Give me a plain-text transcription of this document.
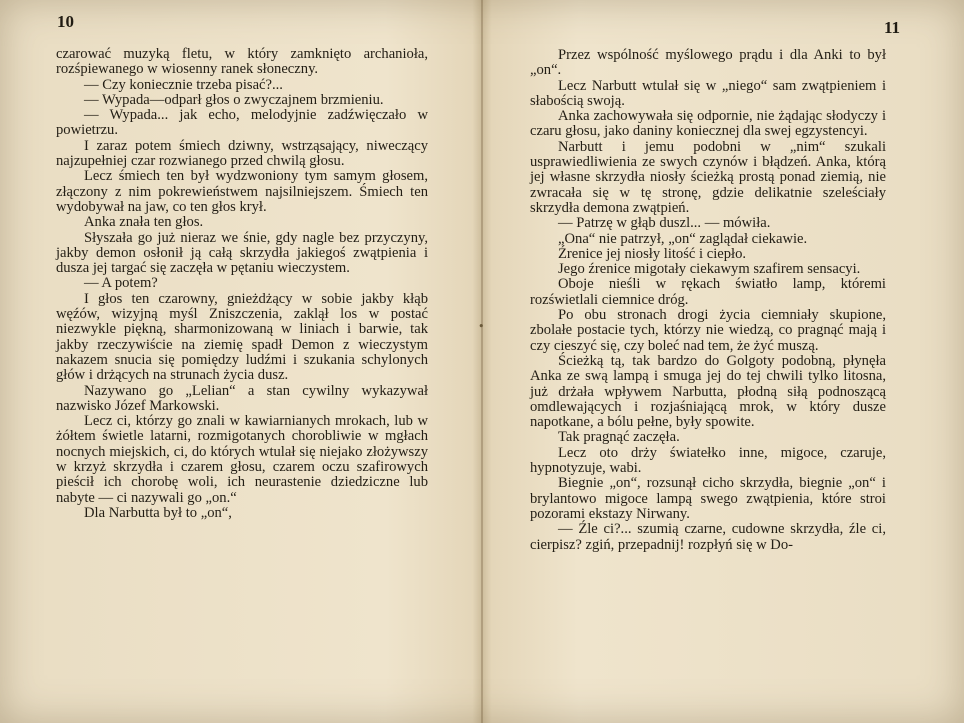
10

czarować muzyką fletu, w który zamknięto archanioła, rozśpiewanego w wiosenny ranek słoneczny.

— Czy koniecznie trzeba pisać?...

— Wypada—odparł głos o zwyczajnem brzmieniu.

— Wypada... jak echo, melodyjnie zadźwięczało w powietrzu.

I zaraz potem śmiech dziwny, wstrząsający, niweczący najzupełniej czar rozwianego przed chwilą głosu.

Lecz śmiech ten był wydzwoniony tym samym głosem, złączony z nim pokrewieństwem najsilniejszem. Śmiech ten wydobywał na jaw, co ten głos krył.

Anka znała ten głos.

Słyszała go już nieraz we śnie, gdy nagle bez przyczyny, jakby demon osłonił ją całą skrzydła jakiegoś zwątpienia i dusza jej targać się zaczęła w pętaniu wieczystem.

— A potem?

I głos ten czarowny, gnieżdżący w sobie jakby kłąb węźów, wizyjną myśl Zniszczenia, zaklął los w postać niezwykle piękną, sharmonizowaną w liniach i barwie, tak jakby rzeczywiście na ziemię spadł Demon z wieczystym nakazem snucia się pomiędzy ludźmi i szukania schylonych głów i drżących na strunach życia dusz.

Nazywano go „Lelian“ a stan cywilny wykazywał nazwisko Józef Markowski.

Lecz ci, którzy go znali w kawiarnianych mrokach, lub w żółtem świetle latarni, rozmigotanych chorobliwie w mgłach nocnych miejskich, ci, do których wtulał się niejako złożywszy w krzyż skrzydła i czarem głosu, czarem oczu szafirowych pieścił ich chorobę woli, ich neurastenie dziedziczne lub nabyte — ci nazywali go „on.“

Dla Narbutta był to „on“,

•
11

Przez wspólność myślowego prądu i dla Anki to był „on“.

Lecz Narbutt wtulał się w „niego“ sam zwątpieniem i słabością swoją.

Anka zachowywała się odpornie, nie żądając słodyczy i czaru głosu, jako daniny koniecznej dla swej egzystencyi.

Narbutt i jemu podobni w „nim“ szukali usprawiedliwienia ze swych czynów i błądzeń. Anka, którą jej własne skrzydła niosły ścieżką prostą ponad ziemią, nie zwracała się w tę stronę, gdzie delikatnie szeleściały skrzydła demona zwątpień.

— Patrzę w głąb duszl... — mówiła.

„Ona“ nie patrzył, „on“ zaglądał ciekawie.

Źrenice jej niosły litość i ciepło.

Jego źrenice migotały ciekawym szafirem sensacyi.

Oboje nieśli w rękach światło lamp, któremi rozświetlali ciemnice dróg.

Po obu stronach drogi życia ciemniały skupione, zbolałe postacie tych, którzy nie wiedzą, co pragnąć mają i czy cieszyć się, czy boleć nad tem, że żyć muszą.

Ścieżką tą, tak bardzo do Golgoty podobną, płynęła Anka ze swą lampą i smuga jej do tej chwili tylko litosna, już drżała wpływem Narbutta, płodną siłą podnoszącą omdlewających i rozjaśniającą mrok, w który dusze napotkane, a bólu pełne, były spowite.

Tak pragnąć zaczęła.

Lecz oto drży światełko inne, migoce, czaruje, hypnotyzuje, wabi.

Biegnie „on“, rozsunął cicho skrzydła, biegnie „on“ i brylantowo migoce lampą swego zwątpienia, które stroi pozorami ekstazy Nirwany.

— Źle ci?... szumią czarne, cudowne skrzydła, źle ci, cierpisz? zgiń, przepadnij! rozpłyń się w Do-
